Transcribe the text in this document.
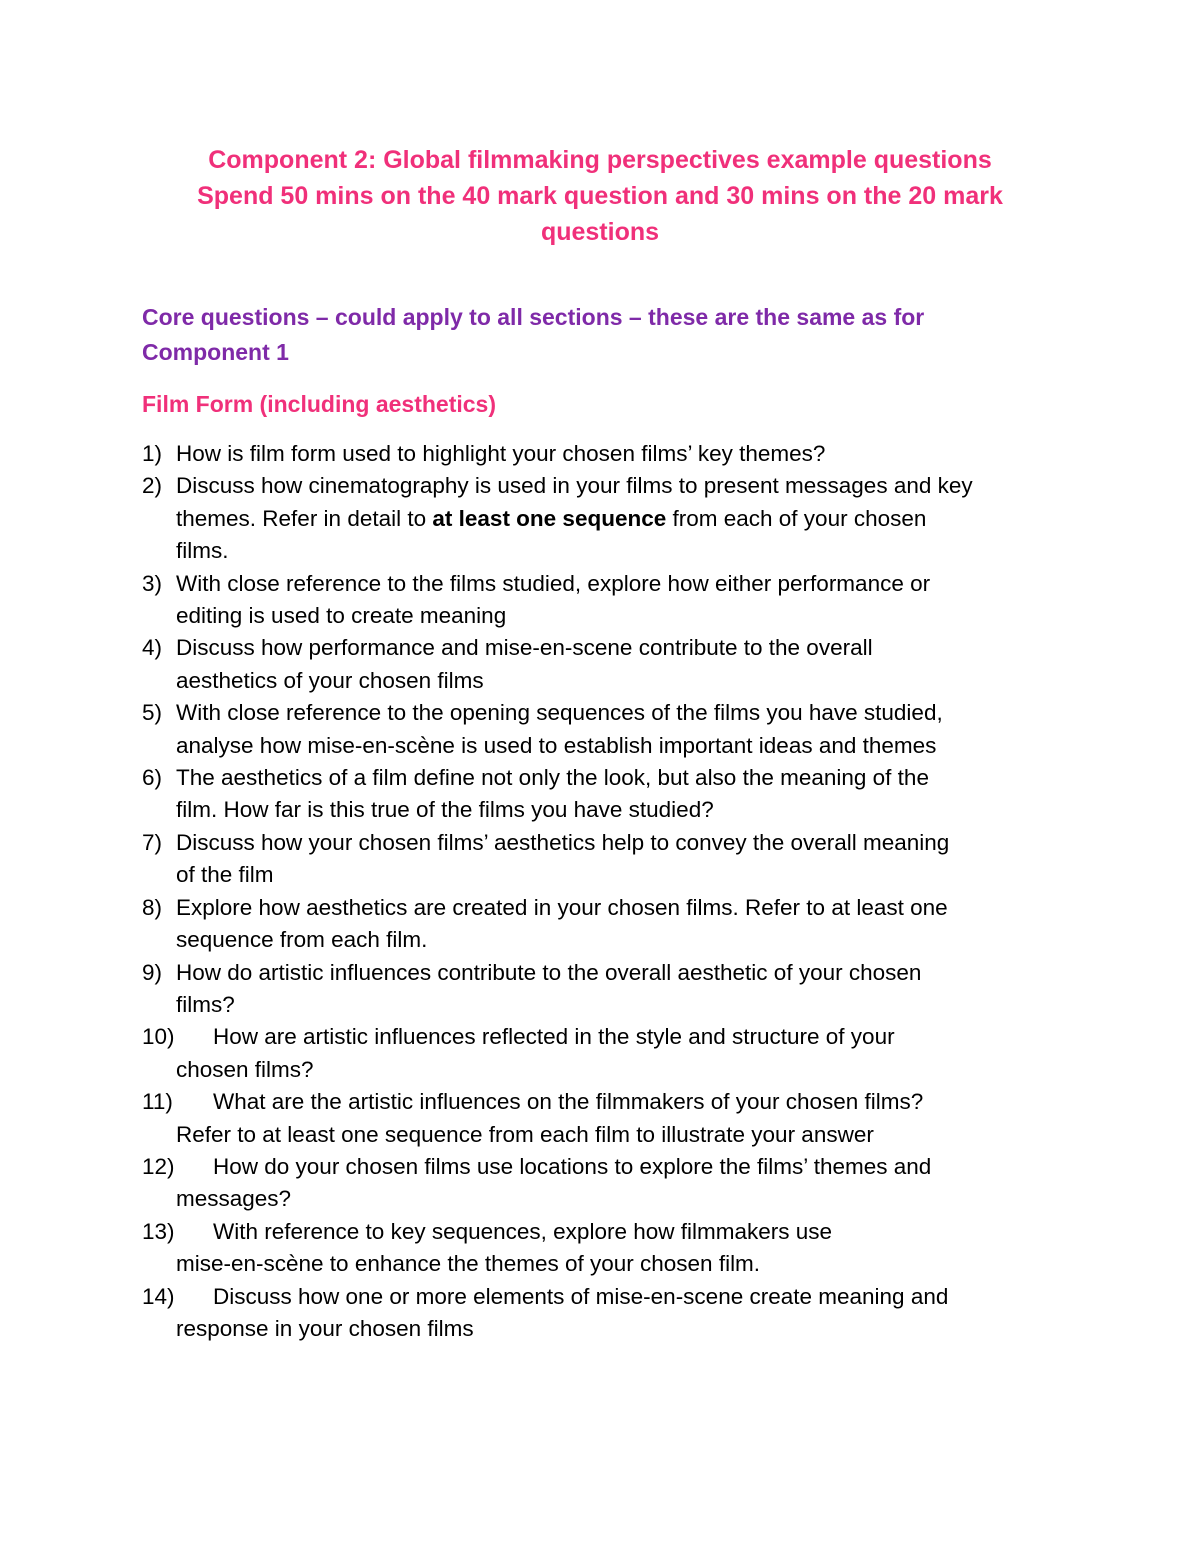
Component 2: Global filmmaking perspectives example questions
Spend 50 mins on the 40 mark question and 30 mins on the 20 mark
questions
Core questions – could apply to all sections – these are the same as for
Component 1
Film Form (including aesthetics)
1) How is film form used to highlight your chosen films’ key themes?
2) Discuss how cinematography is used in your films to present messages and key
themes. Refer in detail to at least one sequence from each of your chosen
films.
3) With close reference to the films studied, explore how either performance or
editing is used to create meaning
4) Discuss how performance and mise-en-scene contribute to the overall
aesthetics of your chosen films
5) With close reference to the opening sequences of the films you have studied,
analyse how mise-en-scène is used to establish important ideas and themes
6) The aesthetics of a film define not only the look, but also the meaning of the
film. How far is this true of the films you have studied?
7) Discuss how your chosen films’ aesthetics help to convey the overall meaning
of the film
8) Explore how aesthetics are created in your chosen films. Refer to at least one
sequence from each film.
9) How do artistic influences contribute to the overall aesthetic of your chosen
films?
10)	How are artistic influences reflected in the style and structure of your
chosen films?
11)	What are the artistic influences on the filmmakers of your chosen films?
Refer to at least one sequence from each film to illustrate your answer
12)	How do your chosen films use locations to explore the films’ themes and
messages?
13)	With reference to key sequences, explore how filmmakers use
mise-en-scène to enhance the themes of your chosen film.
14)	Discuss how one or more elements of mise-en-scene create meaning and
response in your chosen films
